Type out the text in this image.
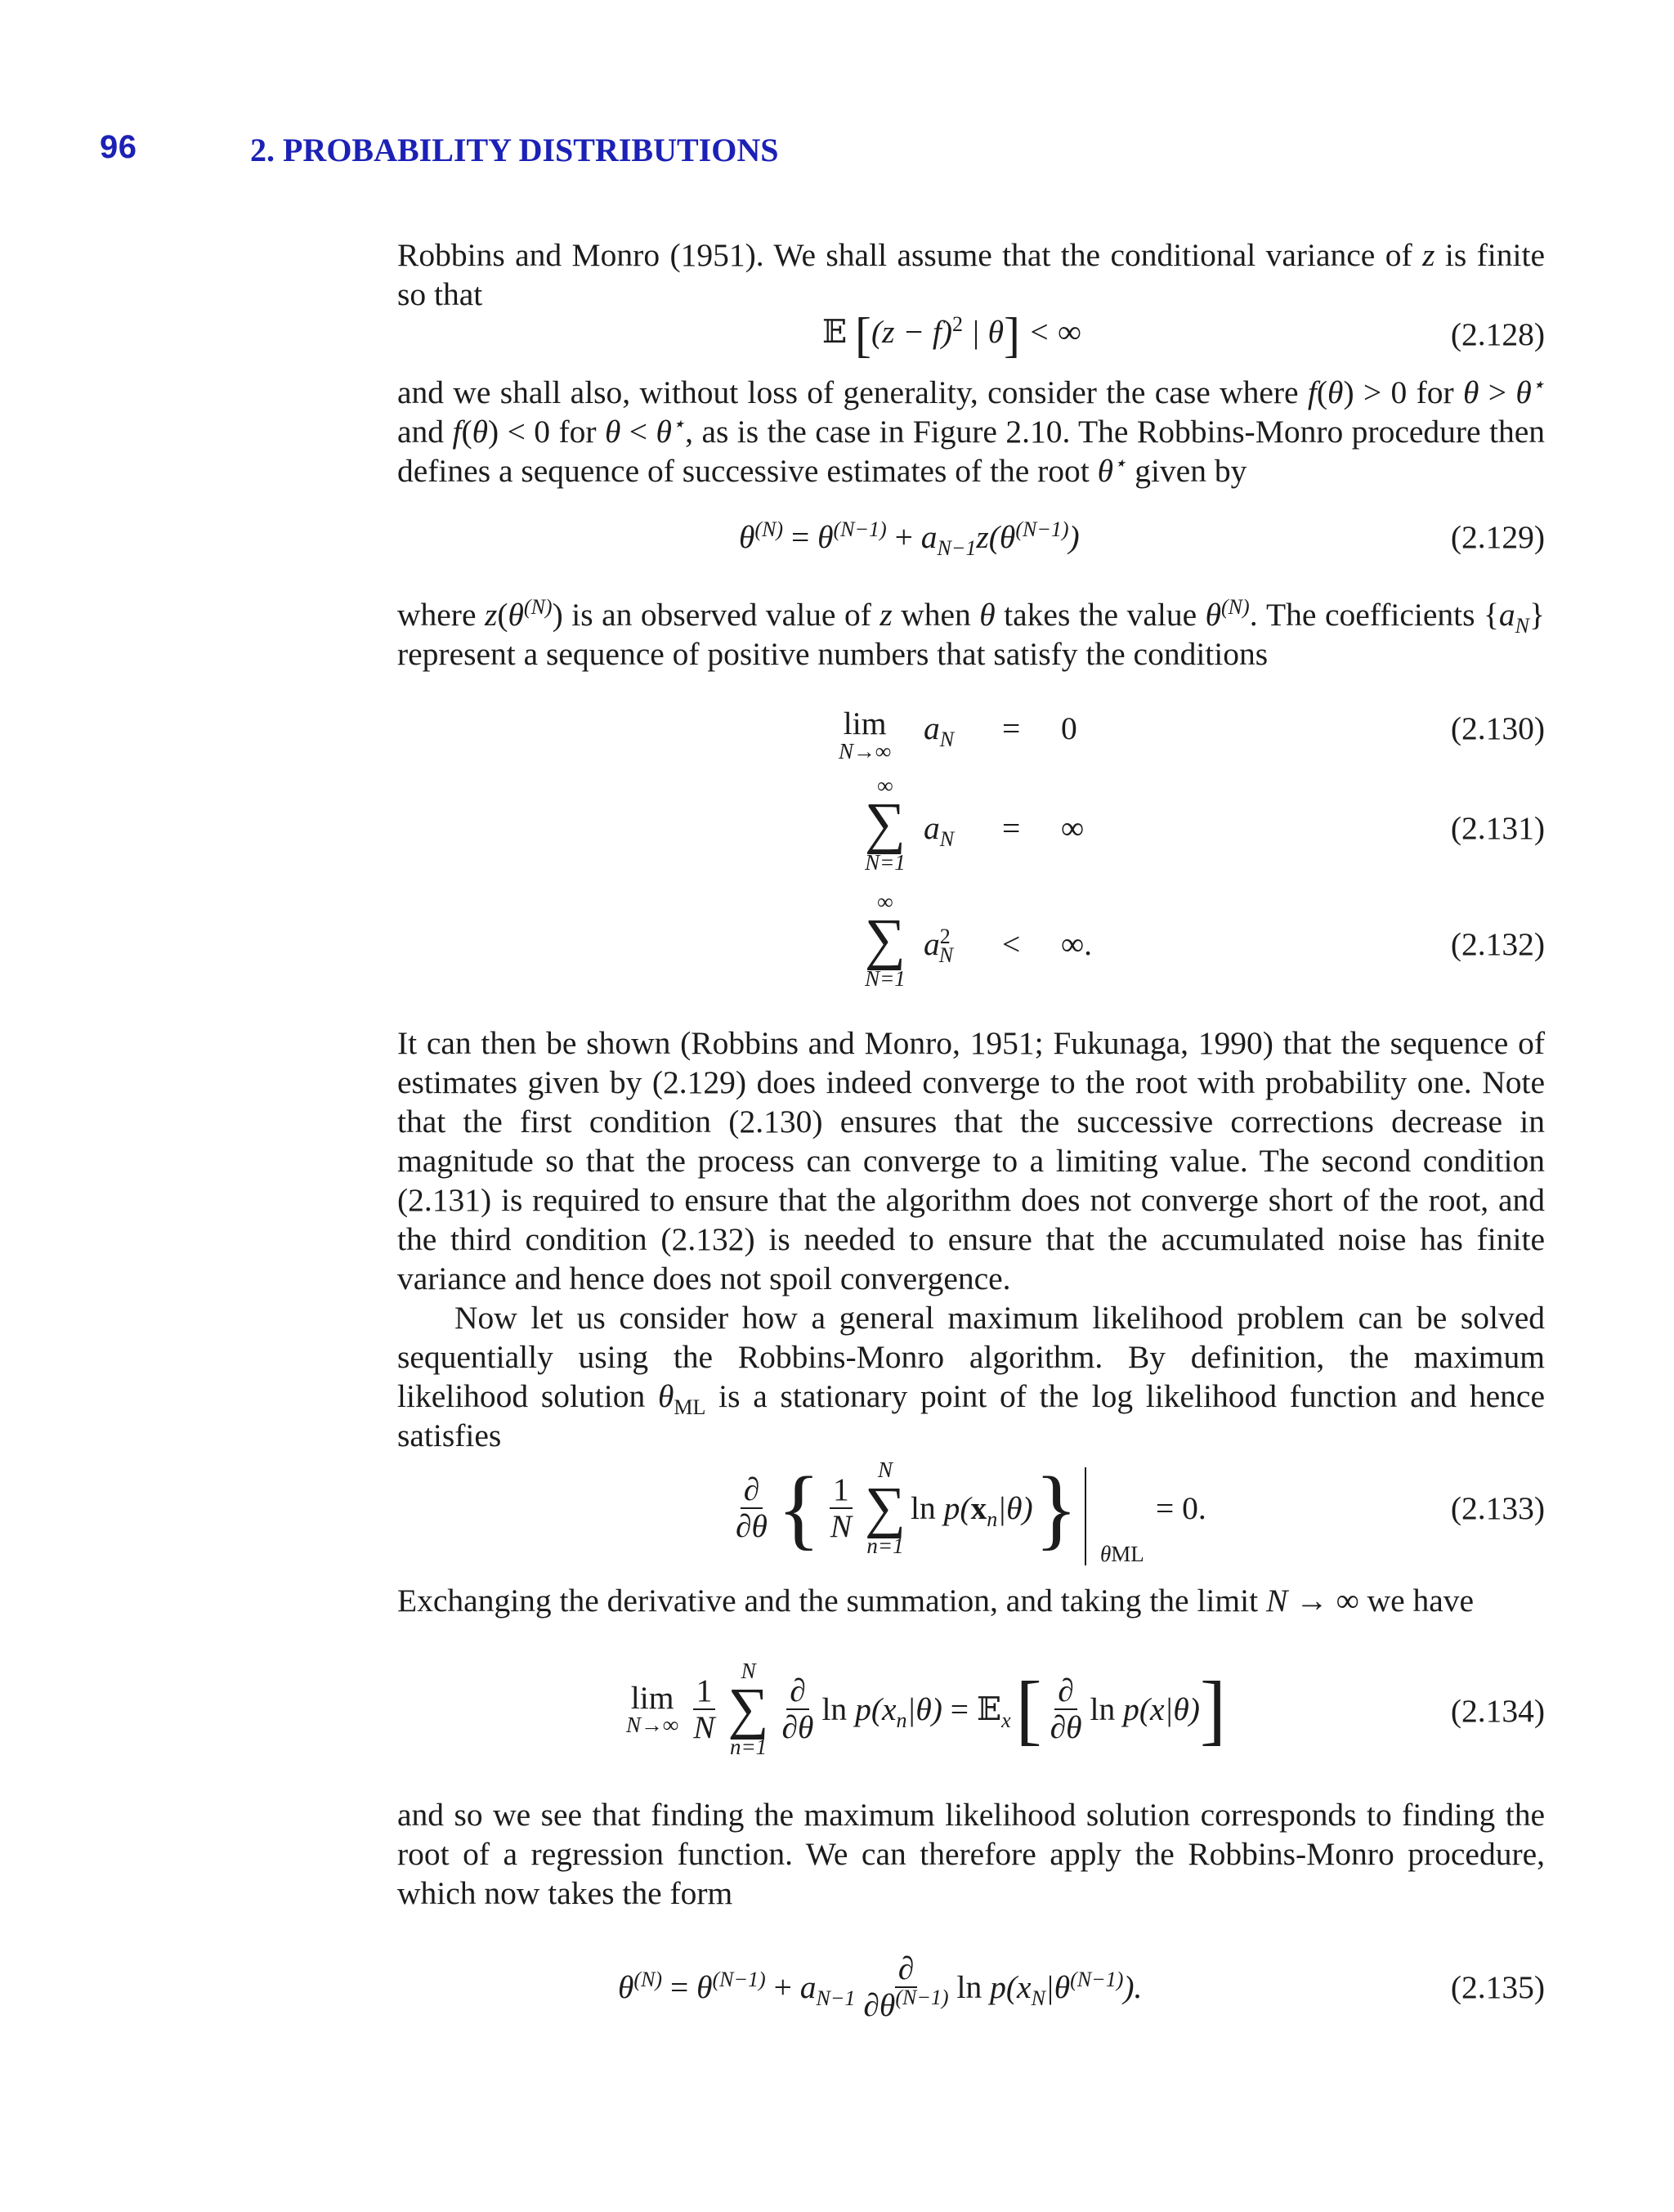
96	2. PROBABILITY DISTRIBUTIONS
Robbins and Monro (1951). We shall assume that the conditional variance of z is finite so that
𝔼 [$(z - f)^2$ | θ] < ∞	(2.128)
and we shall also, without loss of generality, consider the case where f(θ) > 0 for θ > θ⋆ and f(θ) < 0 for θ < θ⋆, as is the case in Figure 2.10. The Robbins-Monro procedure then defines a sequence of successive estimates of the root θ⋆ given by
$\theta^{(N)} = \theta^{(N-1)} + a_{N-1}z(\theta^{(N-1)})$	(2.129)
where $z(\theta^{(N)})$ is an observed value of z when θ takes the value $\theta^{(N)}$. The coefficients $\{a_N\}$ represent a sequence of positive numbers that satisfy the conditions
lim
N→∞
$a_N = 0$	(2.130)
∞
∑
N=1
$a_N$ = ∞	(2.131)
∞
∑
N=1
$a^2_N$ < ∞.	(2.132)
It can then be shown (Robbins and Monro, 1951; Fukunaga, 1990) that the sequence of estimates given by (2.129) does indeed converge to the root with probability one. Note that the first condition (2.130) ensures that the successive corrections decrease in magnitude so that the process can converge to a limiting value. The second condition (2.131) is required to ensure that the algorithm does not converge short of the root, and the third condition (2.132) is needed to ensure that the accumulated noise has finite variance and hence does not spoil convergence.
Now let us consider how a general maximum likelihood problem can be solved sequentially using the Robbins-Monro algorithm. By definition, the maximum likelihood solution $\theta_{ML}$ is a stationary point of the log likelihood function and hence satisfies
$\frac{\partial}{\partial\theta}$ { $\frac{1}{N}$
N
∑
n=1
$\ln p(x_n|\theta)$ } θML
= 0.	(2.133)
Exchanging the derivative and the summation, and taking the limit N → ∞ we have
lim
$N\to\infty \frac{1}{N}$
N
∑
n=1
$\frac{\partial}{\partial\theta}$ $\ln p(x_n|\theta)$ = 𝔼$_x$ [ $\frac{\partial}{\partial\theta}$ ln p(x|θ) ]	(2.134)
and so we see that finding the maximum likelihood solution corresponds to finding the root of a regression function. We can therefore apply the Robbins-Monro procedure, which now takes the form
$\theta^{(N)} = \theta^{(N-1)} + a_{N-1} \frac{\partial}{\partial\theta^{(N-1)}}$ $\ln p(x_N|\theta^{(N-1)})$.	(2.135)
